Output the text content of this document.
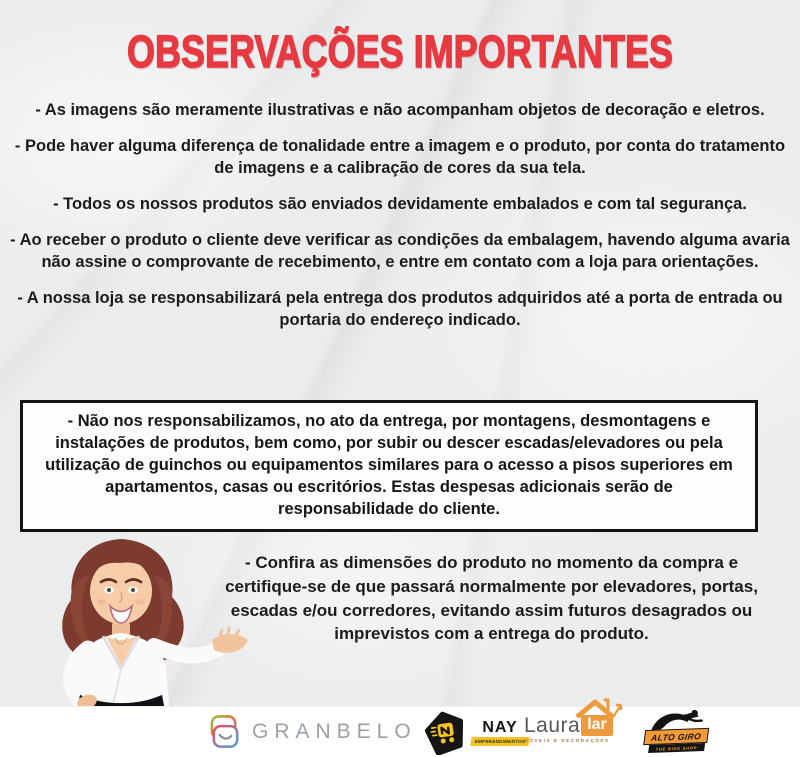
OBSERVAÇÕES IMPORTANTES

- As imagens são meramente ilustrativas e não acompanham objetos de decoração e eletros.

- Pode haver alguma diferença de tonalidade entre a imagem e o produto, por conta do tratamento de imagens e a calibração de cores da sua tela.

- Todos os nossos produtos são enviados devidamente embalados e com tal segurança.

- Ao receber o produto o cliente deve verificar as condições da embalagem, havendo alguma avaria não assine o comprovante de recebimento, e entre em contato com a loja para orientações.

- A nossa loja se responsabilizará pela entrega dos produtos adquiridos até a porta de entrada ou portaria do endereço indicado.

- Não nos responsabilizamos, no ato da entrega, por montagens, desmontagens e instalações de produtos, bem como, por subir ou descer escadas/elevadores ou pela utilização de guinchos ou equipamentos similares para o acesso a pisos superiores em apartamentos, casas ou escritórios. Estas despesas adicionais serão de responsabilidade do cliente.

- Confira as dimensões do produto no momento da compra e certifique-se de que passará normalmente por elevadores, portas, escadas e/ou corredores, evitando assim futuros desagrados ou imprevistos com a entrega do produto.

GRANBELO	NAY
EMPREENDIMENTOS
Laura lar
MÓVEIS E DECORAÇÕES	ALTO GIRO
THE BIKE SHOP
